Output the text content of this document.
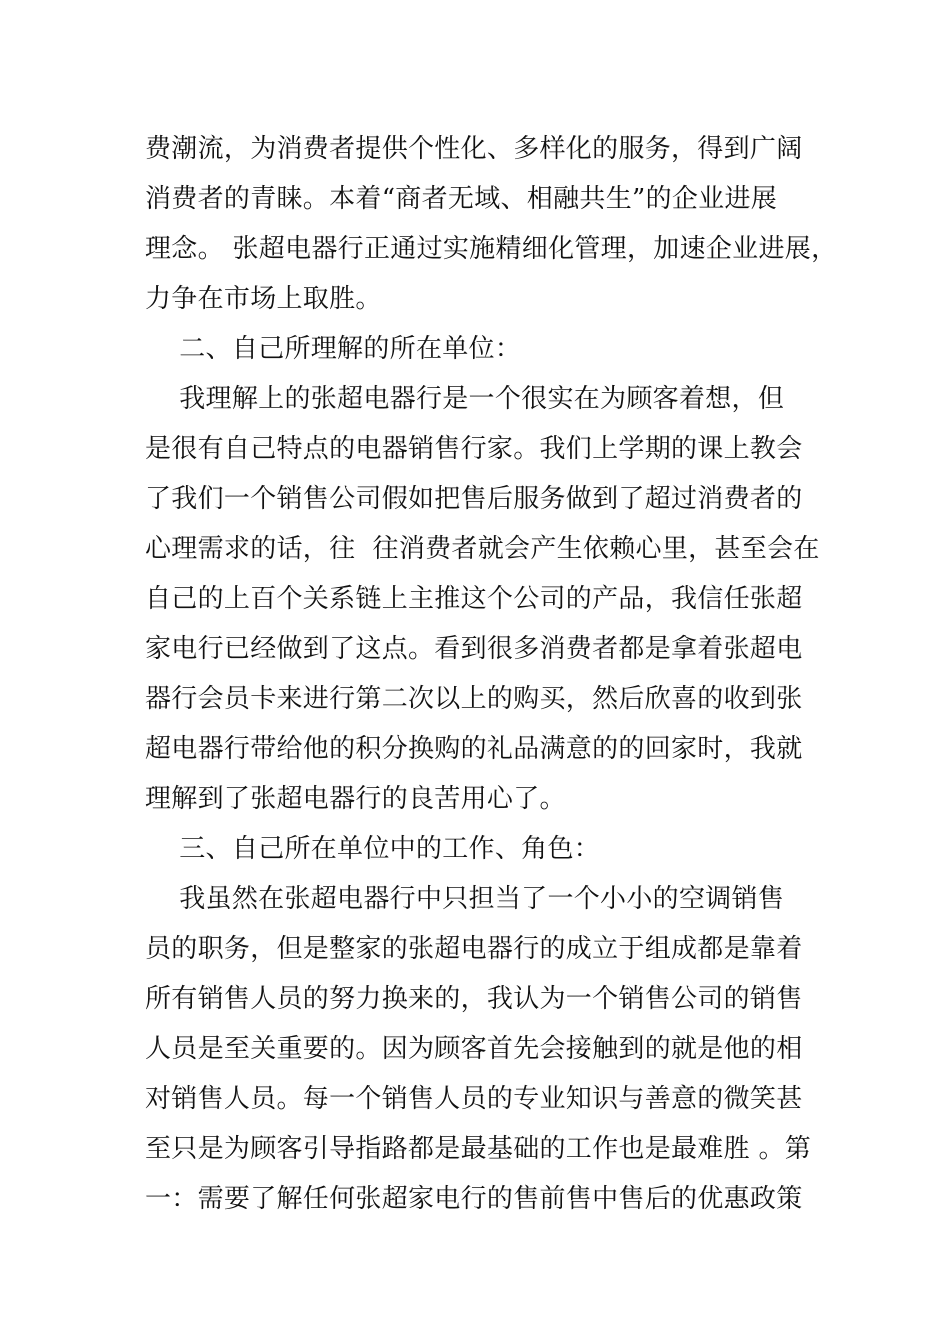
费潮流，为消费者提供个性化、多样化的服务，得到广阔
消费者的青睐。本着“商者无域、相融共生”的企业进展
理念。 张超电器行正通过实施精细化管理，加速企业进展，
力争在市场上取胜。
二、自己所理解的所在单位：
我理解上的张超电器行是一个很实在为顾客着想，但
是很有自己特点的电器销售行家。我们上学期的课上教会
了我们一个销售公司假如把售后服务做到了超过消费者的
心理需求的话，往  往消费者就会产生依赖心里，甚至会在
自己的上百个关系链上主推这个公司的产品，我信任张超
家电行已经做到了这点。看到很多消费者都是拿着张超电
器行会员卡来进行第二次以上的购买，然后欣喜的收到张
超电器行带给他的积分换购的礼品满意的的回家时，我就
理解到了张超电器行的良苦用心了。
三、自己所在单位中的工作、角色：
我虽然在张超电器行中只担当了一个小小的空调销售
员的职务，但是整家的张超电器行的成立于组成都是靠着
所有销售人员的努力换来的，我认为一个销售公司的销售
人员是至关重要的。因为顾客首先会接触到的就是他的相
对销售人员。每一个销售人员的专业知识与善意的微笑甚
至只是为顾客引导指路都是最基础的工作也是最难胜 。第
一：需要了解任何张超家电行的售前售中售后的优惠政策
